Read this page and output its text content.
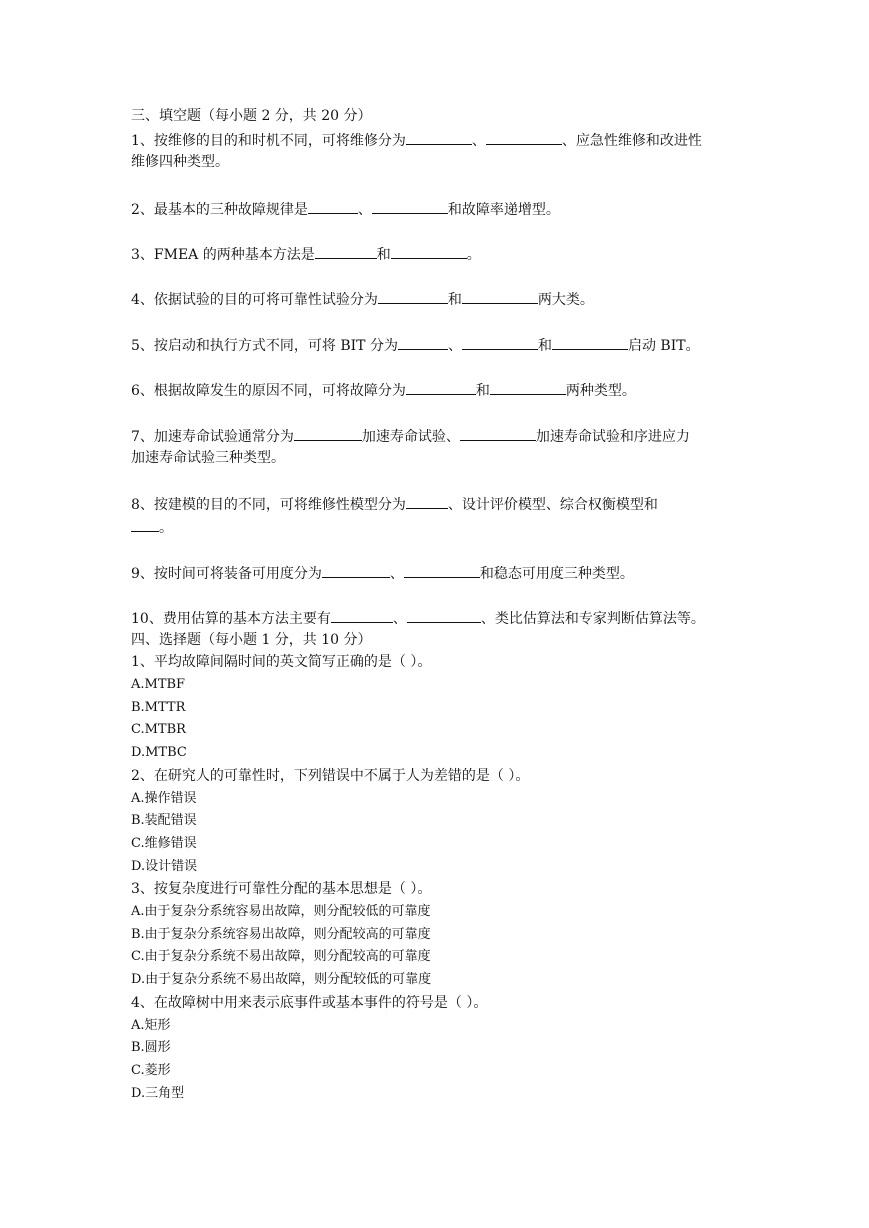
三、填空题（每小题 2 分，共 20 分）
1、按维修的目的和时机不同，可将维修分为	、	、应急性维修和改进性
维修四种类型。
2、最基本的三种故障规律是	、	和故障率递增型。
3、FMEA 的两种基本方法是	和	。
4、依据试验的目的可将可靠性试验分为	和	两大类。
5、按启动和执行方式不同，可将 BIT 分为	、	和	启动 BIT。
6、根据故障发生的原因不同，可将故障分为	和	两种类型。
7、加速寿命试验通常分为	加速寿命试验、	加速寿命试验和序进应力
加速寿命试验三种类型。
8、按建模的目的不同，可将维修性模型分为	、设计评价模型、综合权衡模型和
。
9、按时间可将装备可用度分为	、	和稳态可用度三种类型。
10、费用估算的基本方法主要有	、	、类比估算法和专家判断估算法等。
四、选择题（每小题 1 分，共 10 分）
1、平均故障间隔时间的英文简写正确的是（ ）。
A.MTBF
B.MTTR
C.MTBR
D.MTBC
2、在研究人的可靠性时，下列错误中不属于人为差错的是（ ）。
A.操作错误
B.装配错误
C.维修错误
D.设计错误
3、按复杂度进行可靠性分配的基本思想是（ ）。
A.由于复杂分系统容易出故障，则分配较低的可靠度
B.由于复杂分系统容易出故障，则分配较高的可靠度
C.由于复杂分系统不易出故障，则分配较高的可靠度
D.由于复杂分系统不易出故障，则分配较低的可靠度
4、在故障树中用来表示底事件或基本事件的符号是（ ）。
A.矩形
B.圆形
C.菱形
D.三角型
